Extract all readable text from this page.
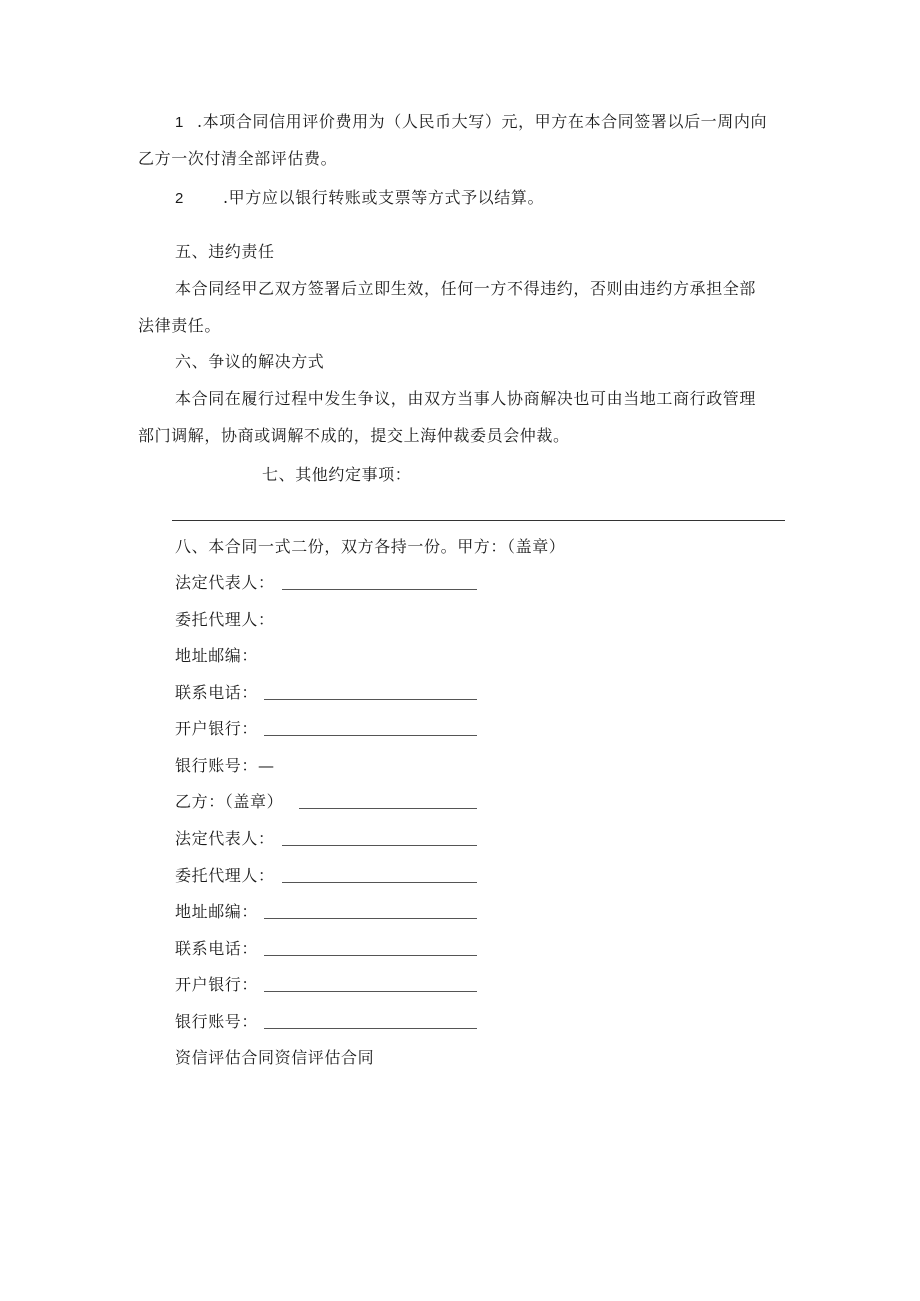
1 .本项合同信用评价费用为（人民币大写）元，甲方在本合同签署以后一周内向
乙方一次付清全部评估费。
2 .甲方应以银行转账或支票等方式予以结算。
五、违约责任
本合同经甲乙双方签署后立即生效，任何一方不得违约，否则由违约方承担全部
法律责任。
六、争议的解决方式
本合同在履行过程中发生争议，由双方当事人协商解决也可由当地工商行政管理
部门调解，协商或调解不成的，提交上海仲裁委员会仲裁。
七、其他约定事项：
八、本合同一式二份，双方各持一份。甲方：（盖章）
法定代表人：
委托代理人：
地址邮编：
联系电话：
开户银行：
银行账号：—
乙方：（盖章）
法定代表人：
委托代理人：
地址邮编：
联系电话：
开户银行：
银行账号：
资信评估合同资信评估合同
